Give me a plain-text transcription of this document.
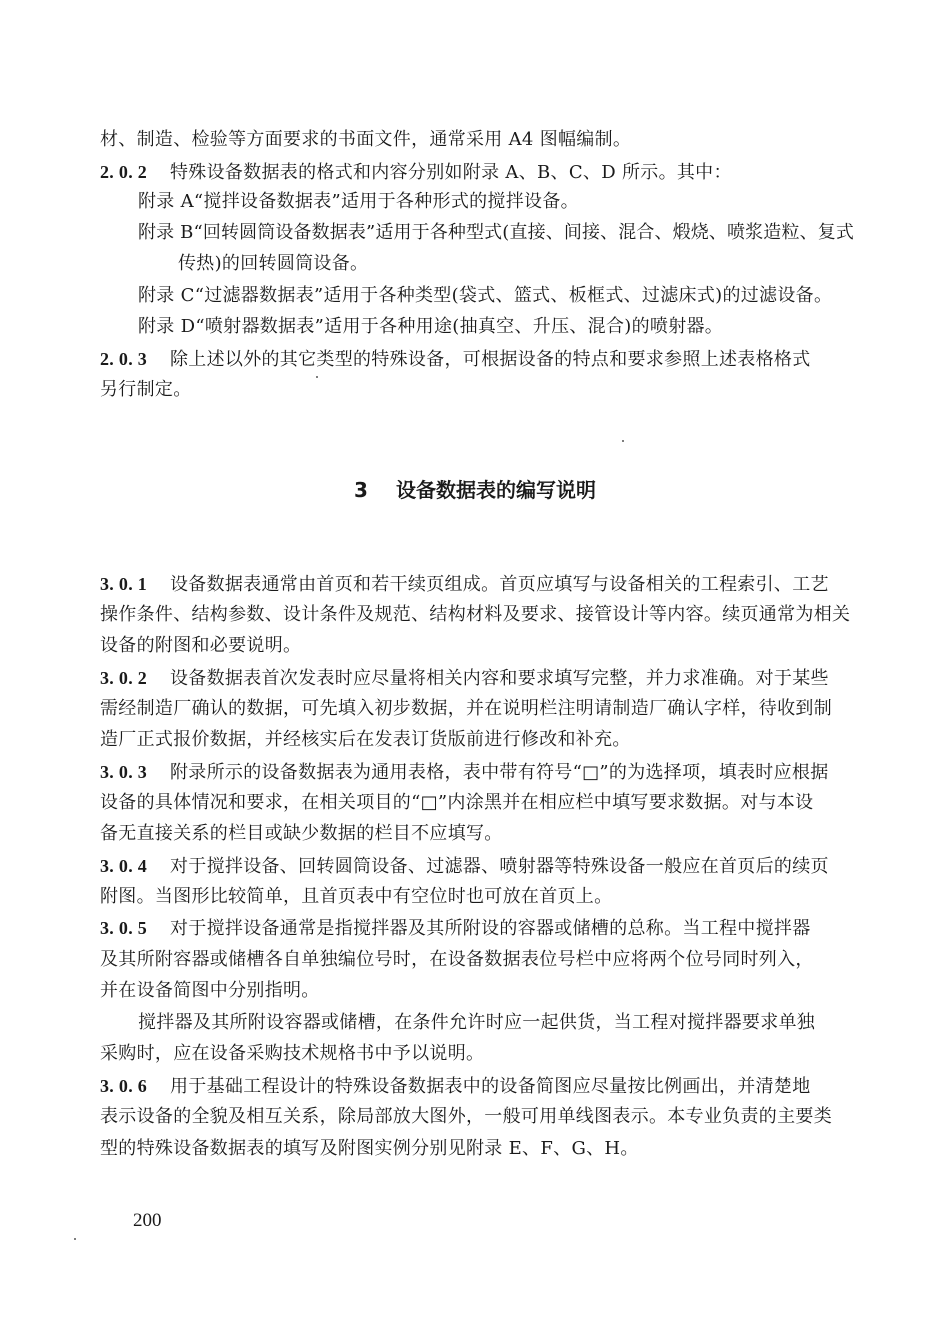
材、制造、检验等方面要求的书面文件，通常采用 A4 图幅编制。
2. 0. 2 特殊设备数据表的格式和内容分别如附录 A、B、C、D 所示。其中：
附录 A“搅拌设备数据表”适用于各种形式的搅拌设备。
附录 B“回转圆筒设备数据表”适用于各种型式(直接、间接、混合、煅烧、喷浆造粒、复式
传热)的回转圆筒设备。
附录 C“过滤器数据表”适用于各种类型(袋式、篮式、板框式、过滤床式)的过滤设备。
附录 D“喷射器数据表”适用于各种用途(抽真空、升压、混合)的喷射器。
2. 0. 3 除上述以外的其它类型的特殊设备，可根据设备的特点和要求参照上述表格格式
另行制定。
3 设备数据表的编写说明
3. 0. 1 设备数据表通常由首页和若干续页组成。首页应填写与设备相关的工程索引、工艺
操作条件、结构参数、设计条件及规范、结构材料及要求、接管设计等内容。续页通常为相关
设备的附图和必要说明。
3. 0. 2 设备数据表首次发表时应尽量将相关内容和要求填写完整，并力求准确。对于某些
需经制造厂确认的数据，可先填入初步数据，并在说明栏注明请制造厂确认字样，待收到制
造厂正式报价数据，并经核实后在发表订货版前进行修改和补充。
3. 0. 3 附录所示的设备数据表为通用表格，表中带有符号“□”的为选择项，填表时应根据
设备的具体情况和要求，在相关项目的“□”内涂黑并在相应栏中填写要求数据。对与本设
备无直接关系的栏目或缺少数据的栏目不应填写。
3. 0. 4 对于搅拌设备、回转圆筒设备、过滤器、喷射器等特殊设备一般应在首页后的续页
附图。当图形比较简单，且首页表中有空位时也可放在首页上。
3. 0. 5 对于搅拌设备通常是指搅拌器及其所附设的容器或储槽的总称。当工程中搅拌器
及其所附容器或储槽各自单独编位号时，在设备数据表位号栏中应将两个位号同时列入，
并在设备简图中分别指明。
搅拌器及其所附设容器或储槽，在条件允许时应一起供货，当工程对搅拌器要求单独
采购时，应在设备采购技术规格书中予以说明。
3. 0. 6 用于基础工程设计的特殊设备数据表中的设备简图应尽量按比例画出，并清楚地
表示设备的全貌及相互关系，除局部放大图外，一般可用单线图表示。本专业负责的主要类
型的特殊设备数据表的填写及附图实例分别见附录 E、F、G、H。
200
